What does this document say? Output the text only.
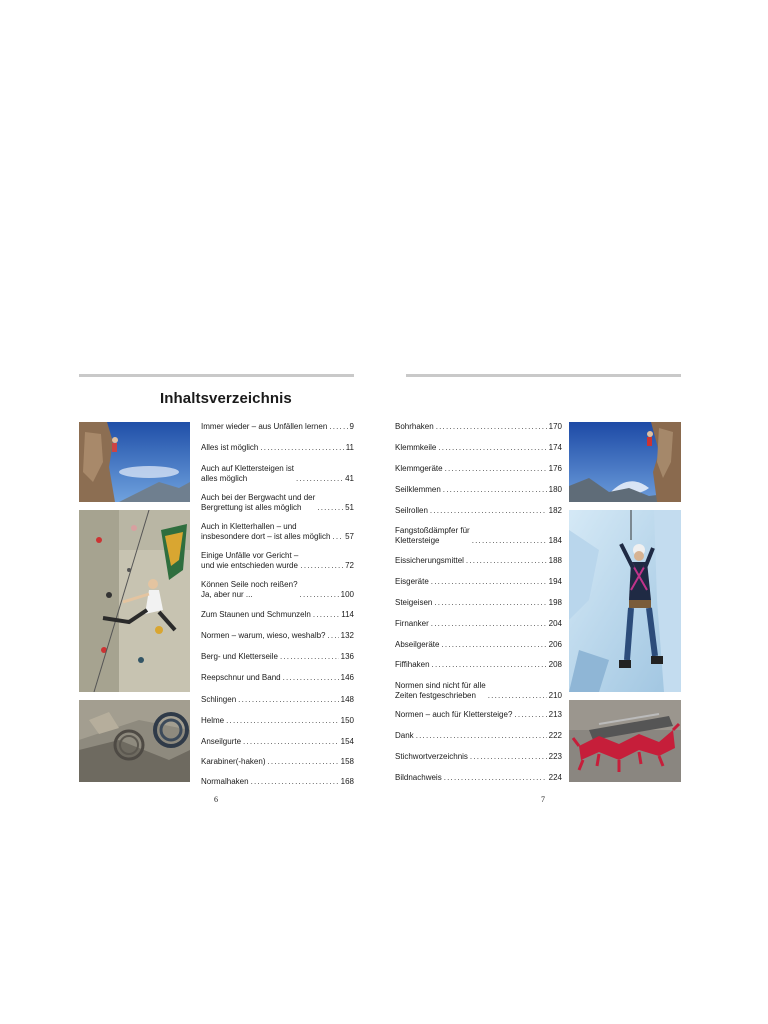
Inhaltsverzeichnis
Immer wieder – aus Unfällen lernen .....	9
Alles ist möglich .....	11
Auch auf Klettersteigen ist
alles möglich .....	41
Auch bei der Bergwacht und der
Bergrettung ist alles möglich .....	51
Auch in Kletterhallen – und
insbesondere dort – ist alles möglich ..... 57
Einige Unfälle vor Gericht –
und wie entschieden wurde .....	72
Können Seile noch reißen?
Ja, aber nur ... .....	100
Zum Staunen und Schmunzeln .....	114
Normen – warum, wieso, weshalb? ..... 132
Berg- und Kletterseile .....	136
Reepschnur und Band .....	146
Schlingen .....	148
Helme .....	150
Anseilgurte .....	154
Karabiner(-haken) .....	158
Normalhaken .....	168
Bohrhaken .....	170
Klemmkeile .....	174
Klemmgeräte .....	176
Seilklemmen .....	180
Seilrollen .....	182
Fangstoßdämpfer für
Klettersteige .....	184
Eissicherungsmittel .....	188
Eisgeräte .....	194
Steigeisen .....	198
Firnanker .....	204
Abseilgeräte .....	206
Fiffihaken .....	208
Normen sind nicht für alle
Zeiten festgeschrieben .....	210
Normen – auch für Klettersteige? .....	213
Dank .....	222
Stichwortverzeichnis .....	223
Bildnachweis .....	224
6	7
